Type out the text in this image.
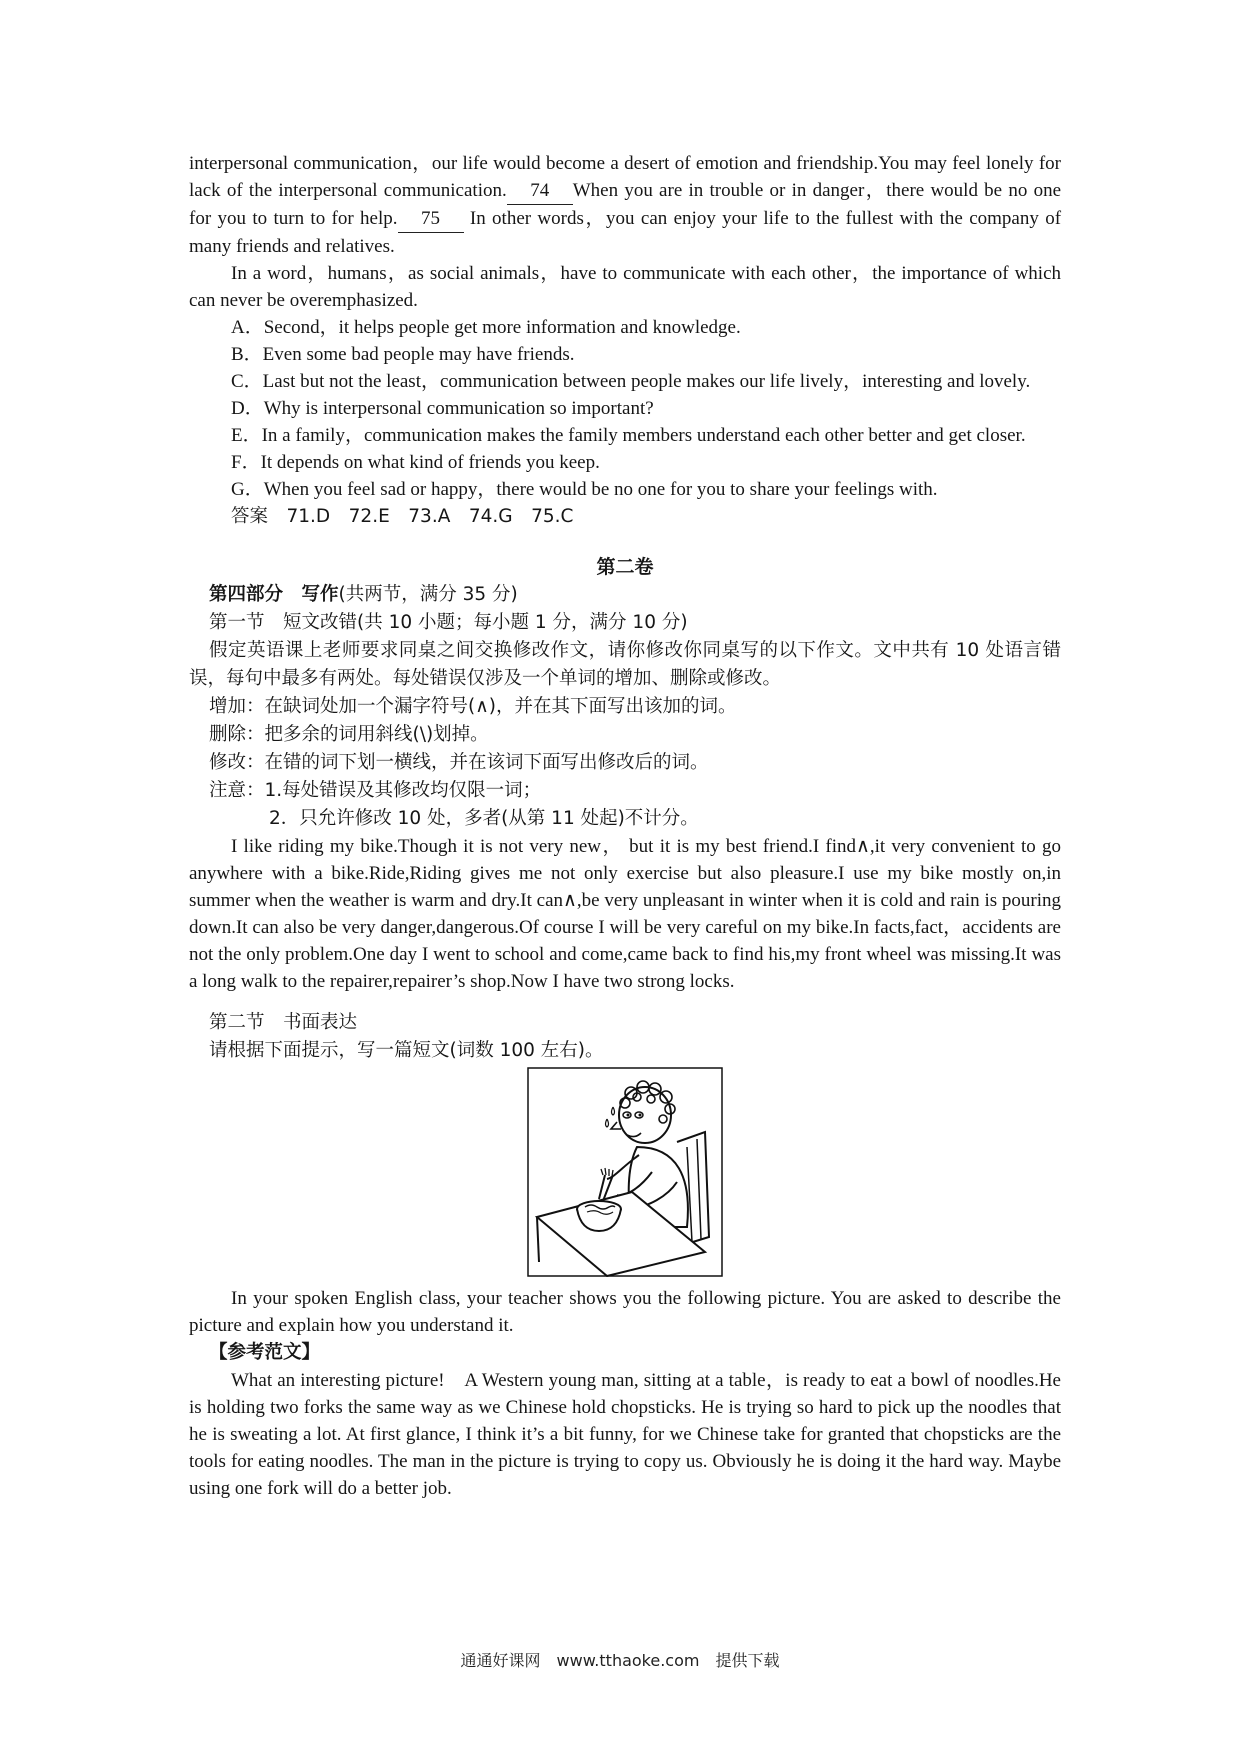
interpersonal communication，our life would become a desert of emotion and friendship.You may feel lonely for lack of the interpersonal communication. 74 When you are in trouble or in danger，there would be no one for you to turn to for help. 75 In other words，you can enjoy your life to the fullest with the company of many friends and relatives.

In a word，humans，as social animals，have to communicate with each other，the importance of which can never be overemphasized.

A．Second，it helps people get more information and knowledge.

B．Even some bad people may have friends.

C．Last but not the least，communication between people makes our life lively，interesting and lovely.

D．Why is interpersonal communication so important?

E．In a family，communication makes the family members understand each other better and get closer.

F．It depends on what kind of friends you keep.

G．When you feel sad or happy，there would be no one for you to share your feelings with.

答案　71.D　72.E　73.A　74.G　75.C

第二卷

第四部分　写作(共两节，满分 35 分)

第一节　短文改错(共 10 小题；每小题 1 分，满分 10 分)

假定英语课上老师要求同桌之间交换修改作文，请你修改你同桌写的以下作文。文中共有 10 处语言错误，每句中最多有两处。每处错误仅涉及一个单词的增加、删除或修改。

增加：在缺词处加一个漏字符号(∧)，并在其下面写出该加的词。

删除：把多余的词用斜线(\)划掉。

修改：在错的词下划一横线，并在该词下面写出修改后的词。

注意：1.每处错误及其修改均仅限一词；

2．只允许修改 10 处，多者(从第 11 处起)不计分。

I like riding my bike.Though it is not very new， but it is my best friend.I find∧,it very convenient to go anywhere with a bike.Ride,Riding gives me not only exercise but also pleasure.I use my bike mostly on,in summer when the weather is warm and dry.It can∧,be very unpleasant in winter when it is cold and rain is pouring down.It can also be very danger,dangerous.Of course I will be very careful on my bike.In facts,fact，accidents are not the only problem.One day I went to school and come,came back to find his,my front wheel was missing.It was a long walk to the repairer,repairer’s shop.Now I have two strong locks.

第二节　书面表达

请根据下面提示，写一篇短文(词数 100 左右)。

In your spoken English class, your teacher shows you the following picture. You are asked to describe the picture and explain how you understand it.

【参考范文】

What an interesting picture!　A Western young man, sitting at a table，is ready to eat a bowl of noodles.He is holding two forks the same way as we Chinese hold chopsticks. He is trying so hard to pick up the noodles that he is sweating a lot. At first glance, I think it’s a bit funny, for we Chinese take for granted that chopsticks are the tools for eating noodles. The man in the picture is trying to copy us. Obviously he is doing it the hard way. Maybe using one fork will do a better job.

通通好课网　www.tthaoke.com　提供下载
